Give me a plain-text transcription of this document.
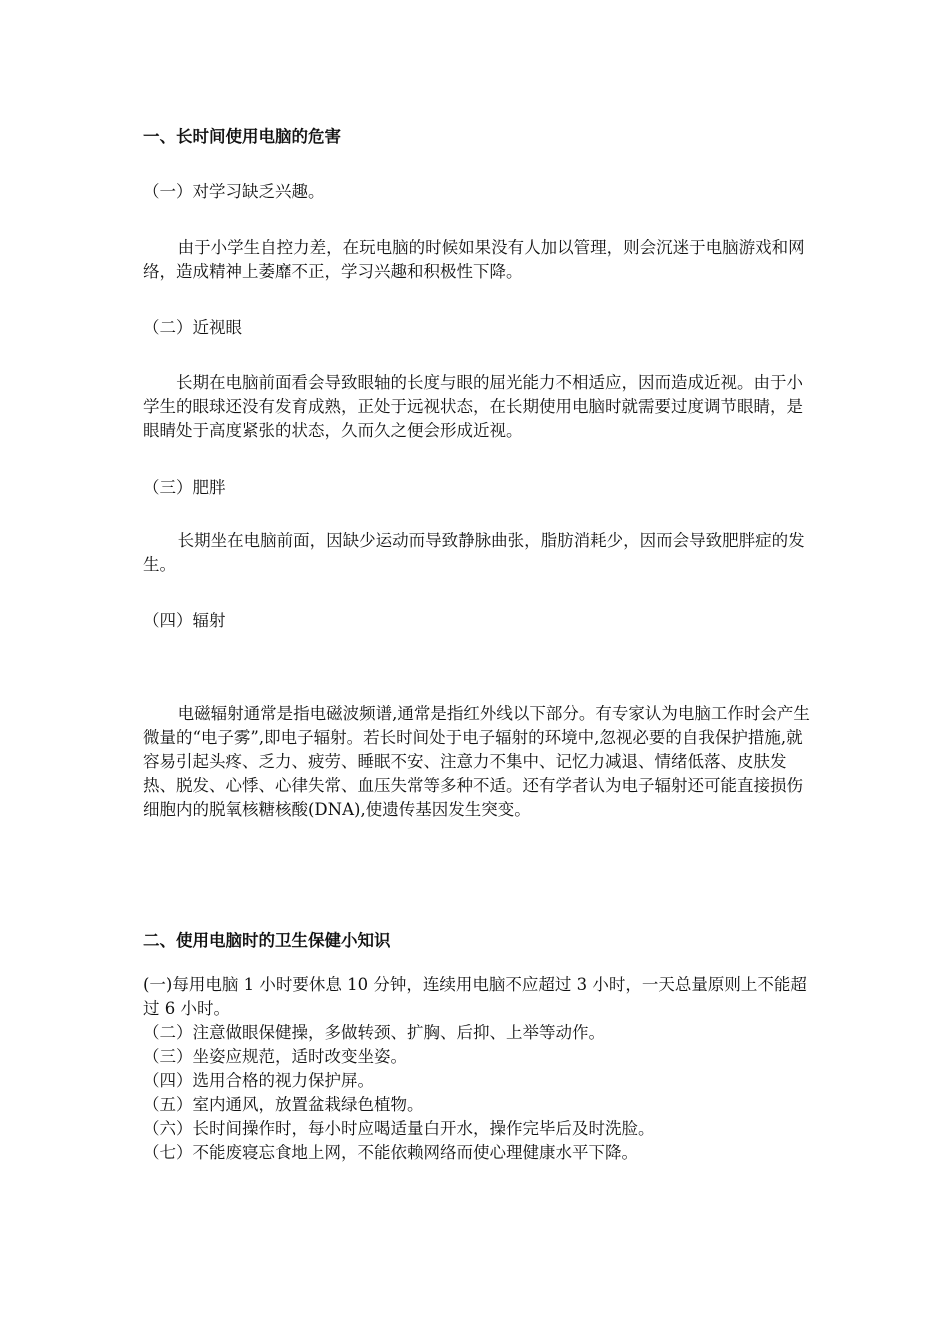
一、长时间使用电脑的危害

（一）对学习缺乏兴趣。

由于小学生自控力差，在玩电脑的时候如果没有人加以管理，则会沉迷于电脑游戏和网络，造成精神上萎靡不正，学习兴趣和积极性下降。

（二）近视眼

长期在电脑前面看会导致眼轴的长度与眼的屈光能力不相适应，因而造成近视。由于小学生的眼球还没有发育成熟，正处于远视状态，在长期使用电脑时就需要过度调节眼睛，是眼睛处于高度紧张的状态，久而久之便会形成近视。

（三）肥胖

长期坐在电脑前面，因缺少运动而导致静脉曲张，脂肪消耗少，因而会导致肥胖症的发生。

（四）辐射

电磁辐射通常是指电磁波频谱,通常是指红外线以下部分。有专家认为电脑工作时会产生微量的“电子雾”,即电子辐射。若长时间处于电子辐射的环境中,忽视必要的自我保护措施,就容易引起头疼、乏力、疲劳、睡眠不安、注意力不集中、记忆力减退、情绪低落、皮肤发热、脱发、心悸、心律失常、血压失常等多种不适。还有学者认为电子辐射还可能直接损伤细胞内的脱氧核糖核酸(DNA),使遗传基因发生突变。

二、使用电脑时的卫生保健小知识

(一)每用电脑 1 小时要休息 10 分钟，连续用电脑不应超过 3 小时，一天总量原则上不能超过 6 小时。
（二）注意做眼保健操，多做转颈、扩胸、后抑、上举等动作。
（三）坐姿应规范，适时改变坐姿。
（四）选用合格的视力保护屏。
（五）室内通风，放置盆栽绿色植物。
（六）长时间操作时，每小时应喝适量白开水，操作完毕后及时洗脸。
（七）不能废寝忘食地上网，不能依赖网络而使心理健康水平下降。
